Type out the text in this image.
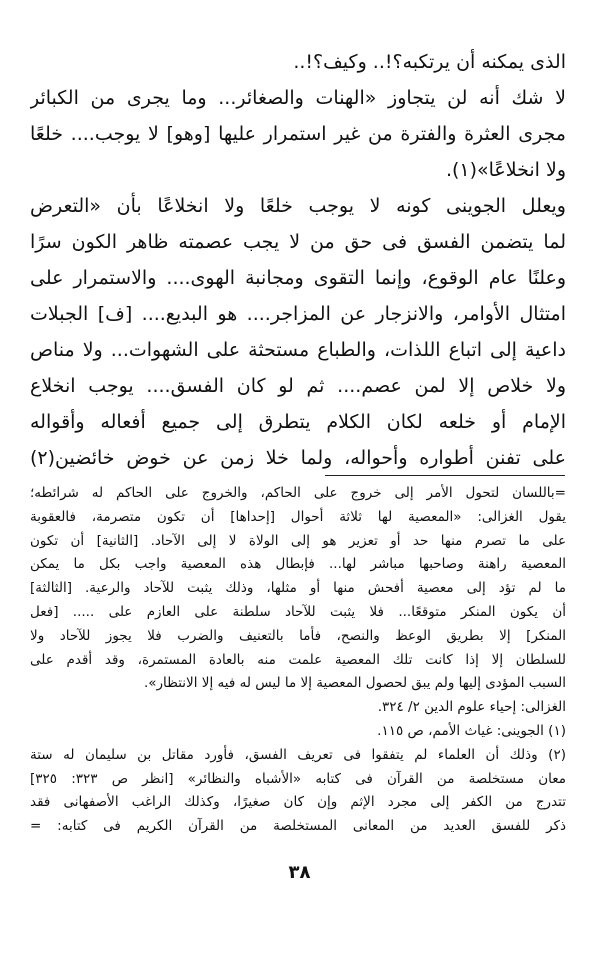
الذى يمكنه أن يرتكبه؟!.. وكيف؟!..
لا شك أنه لن يتجاوز «الهنات والصغائر... وما يجرى من الكبائر
مجرى العثرة والفترة من غير استمرار عليها [وهو] لا يوجب.... خلعًا
ولا انخلاعًا»(١).
ويعلل الجوينى كونه لا يوجب خلعًا ولا انخلاعًا بأن «التعرض
لما يتضمن الفسق فى حق من لا يجب عصمته ظاهر الكون سرًا
وعلنًا عام الوقوع، وإنما التقوى ومجانبة الهوى.... والاستمرار على
امتثال الأوامر، والانزجار عن المزاجر.... هو البديع.... [ف] الجبلات
داعية إلى اتباع اللذات، والطباع مستحثة على الشهوات... ولا مناص
ولا خلاص إلا لمن عصم.... ثم لو كان الفسق.... يوجب انخلاع
الإمام أو خلعه لكان الكلام يتطرق إلى جميع أفعاله وأقواله
على تفنن أطواره وأحواله، ولما خلا زمن عن خوض خائضين(٢)
=باللسان لتحول الأمر إلى خروج على الحاكم، والخروج على الحاكم له شرائطه؛
يقول الغزالى: «المعصية لها ثلاثة أحوال [إحداها] أن تكون متصرمة، فالعقوبة
على ما تصرم منها حد أو تعزير هو إلى الولاة لا إلى الآحاد. [الثانية] أن تكون
المعصية راهنة وصاحبها مباشر لها... فإبطال هذه المعصية واجب بكل ما يمكن
ما لم تؤد إلى معصية أفحش منها أو مثلها، وذلك يثبت للآحاد والرعية. [الثالثة]
أن يكون المنكر متوقعًا... فلا يثبت للآحاد سلطنة على العازم على ..... [فعل
المنكر] إلا بطريق الوعظ والنصح، فأما بالتعنيف والضرب فلا يجوز للآحاد ولا
للسلطان إلا إذا كانت تلك المعصية علمت منه بالعادة المستمرة، وقد أقدم على
السبب المؤدى إليها ولم يبق لحصول المعصية إلا ما ليس له فيه إلا الانتظار».
الغزالى: إحياء علوم الدين ٢/ ٣٢٤.
(١) الجوينى: غياث الأمم، ص ١١٥.
(٢) وذلك أن العلماء لم يتفقوا فى تعريف الفسق، فأورد مقاتل بن سليمان له ستة
معان مستخلصة من القرآن فى كتابه «الأشباه والنظائر» [انظر ص ٣٢٣: ٣٢٥]
تتدرج من الكفر إلى مجرد الإثم وإن كان صغيرًا، وكذلك الراغب الأصفهانى فقد
ذكر للفسق العديد من المعانى المستخلصة من القرآن الكريم فى كتابه: =
٣٨
